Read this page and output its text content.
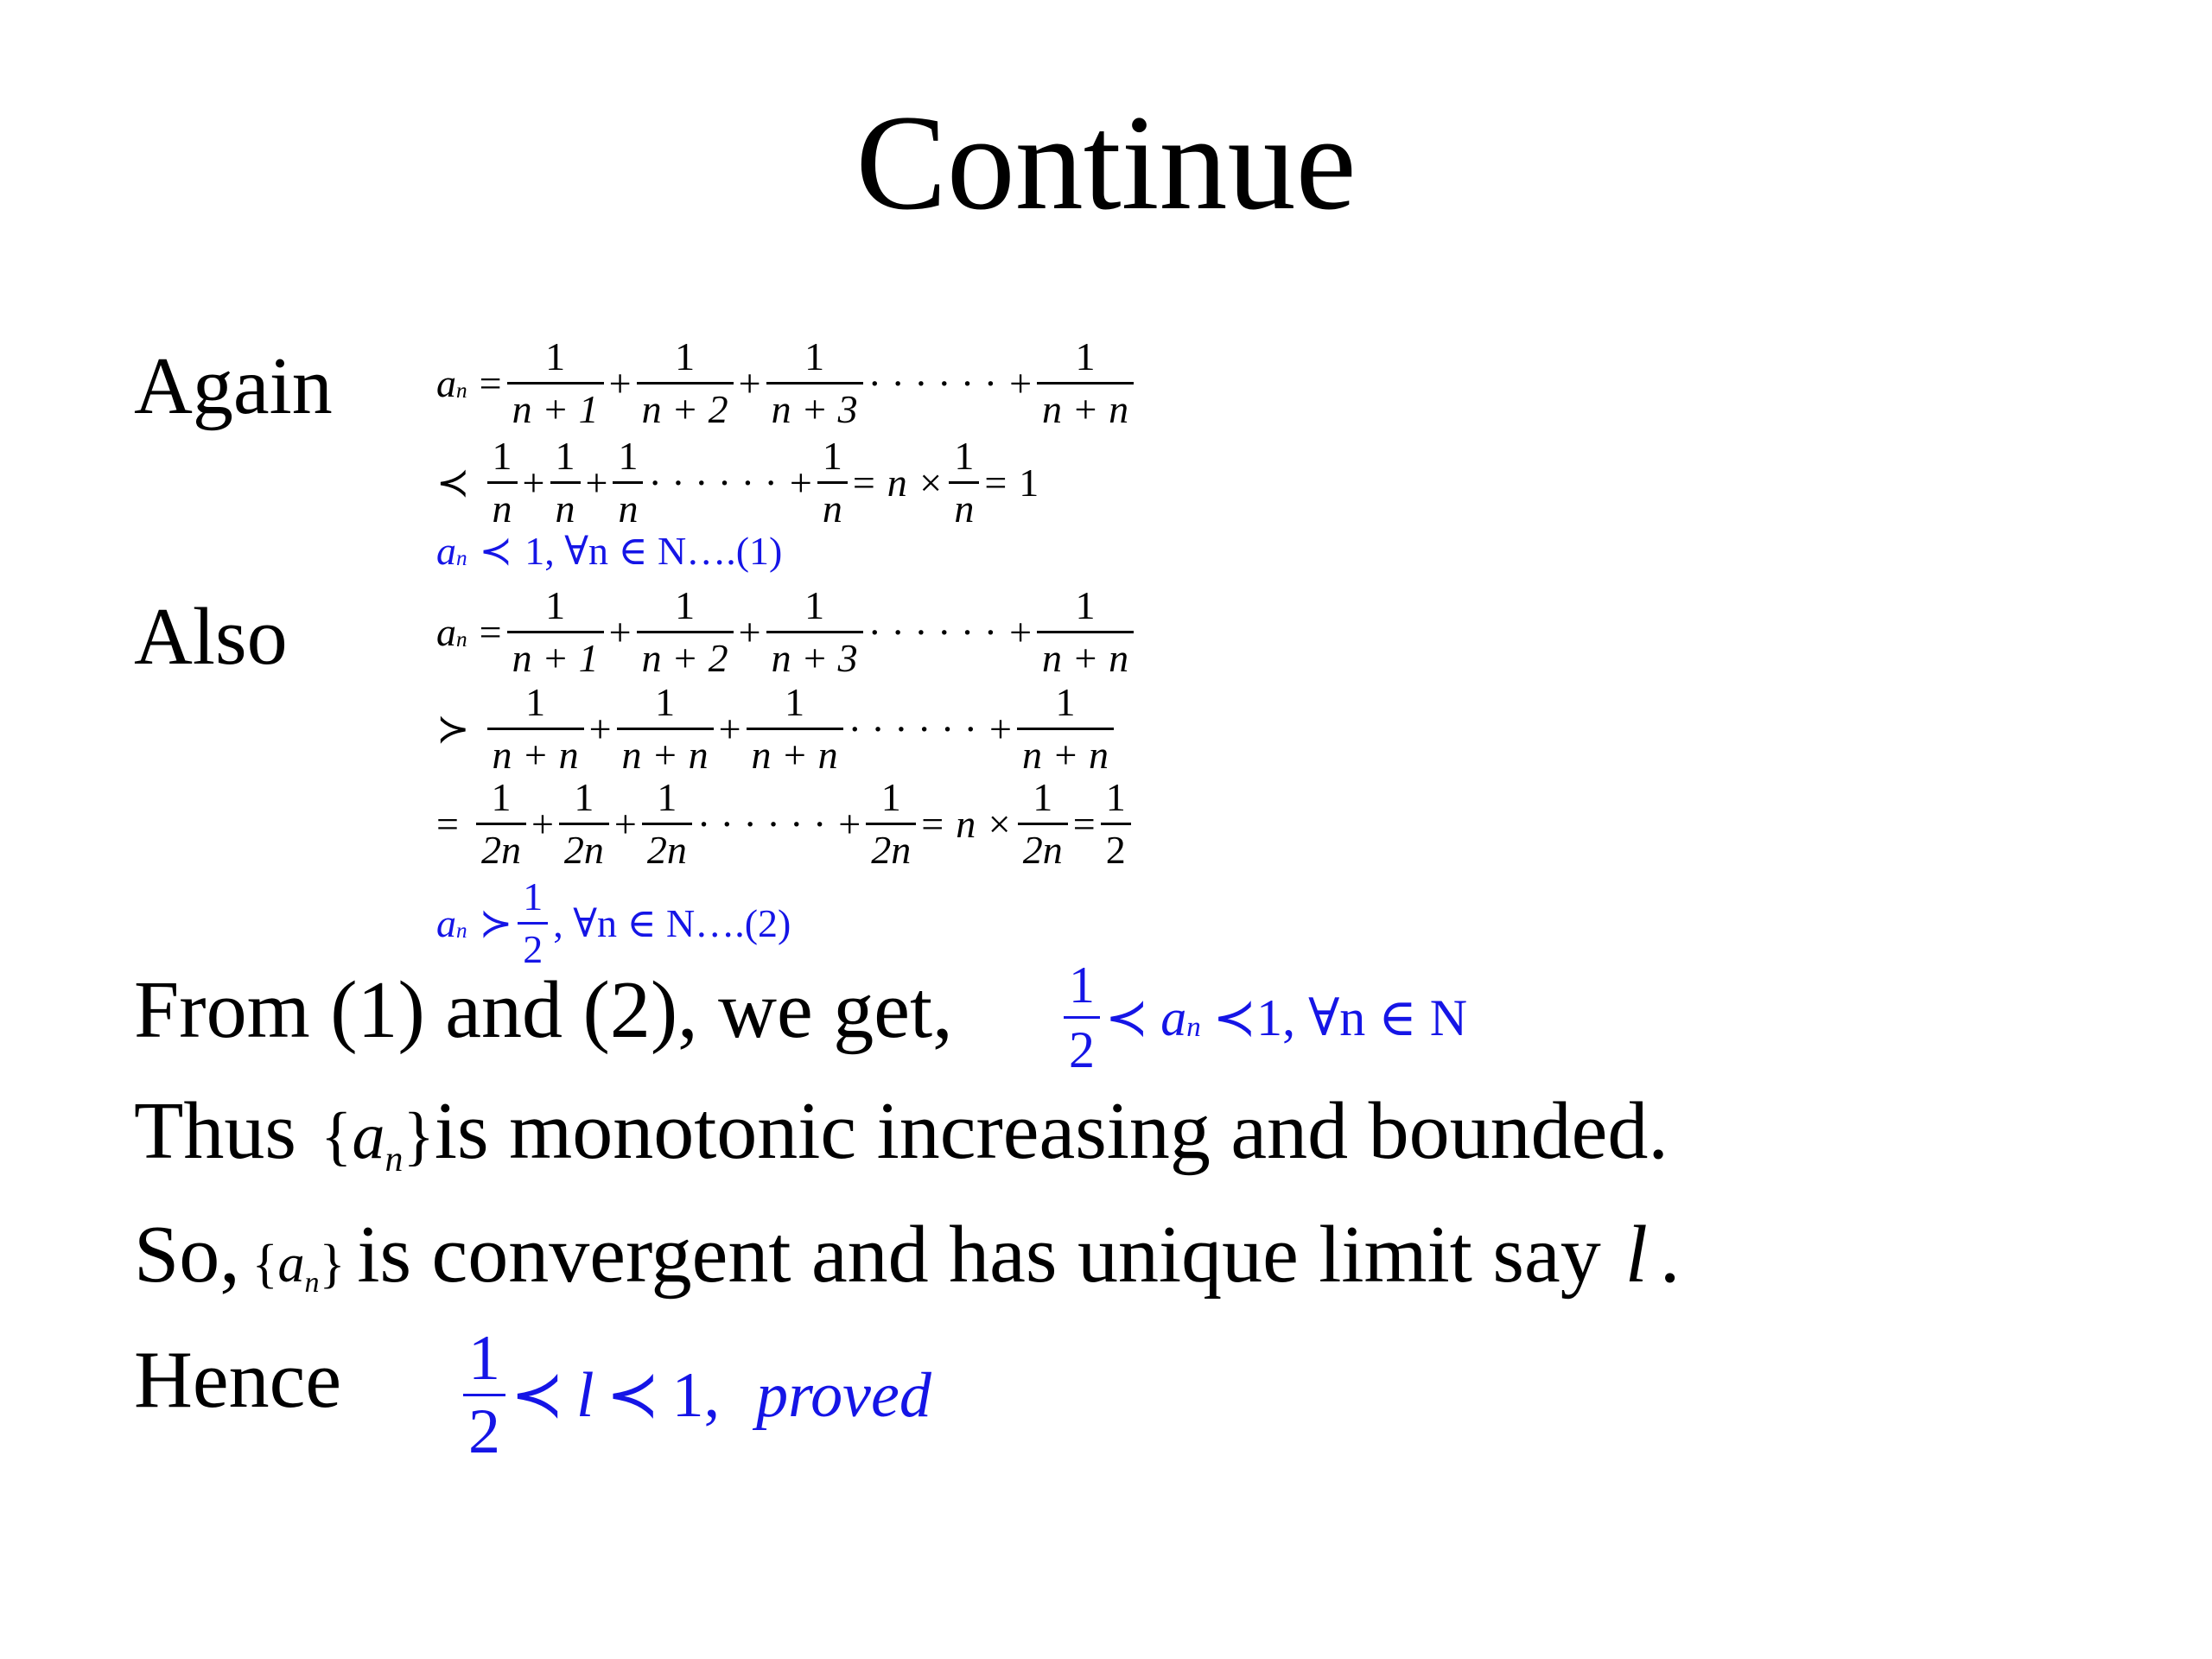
Continue
Again
Also
a $n = \frac{1}{n + 1} + \frac{1}{n + 2} + \frac{1}{n + 3}$ · · · · · · + $\frac{1}{n + n}$
≺ $\frac{1}{n} + \frac{1}{n} + \frac{1}{n}$ · · · · · · + $\frac{1}{n} = n \times \frac{1}{n} = 1$
a n ≺ 1 , ∀n ∈ N….(1)
a $n = \frac{1}{n + 1} + \frac{1}{n + 2} + \frac{1}{n + 3}$ · · · · · · + $\frac{1}{n + n}$
≻ $\frac{1}{n + n} + \frac{1}{n + n} + \frac{1}{n + n}$ · · · · · · + $\frac{1}{n + n}$
= $\frac{1}{2n} + \frac{1}{2n} + \frac{1}{2n}$ · · · · · · + $\frac{1}{2n} = n \times \frac{1}{2n} = \frac{1}{2}$
a n ≻ $\frac{1}{2}$ , ∀n ∈ N….(2)
From (1) and (2), we get, $\frac{1}{2}$ ≺ a n ≺ 1 , ∀n ∈ N
Thus {an} is monotonic increasing and bounded.
So, {an} is convergent and has unique limit say l .
Hence $\frac{1}{2}$ ≺ l ≺ 1 , proved
